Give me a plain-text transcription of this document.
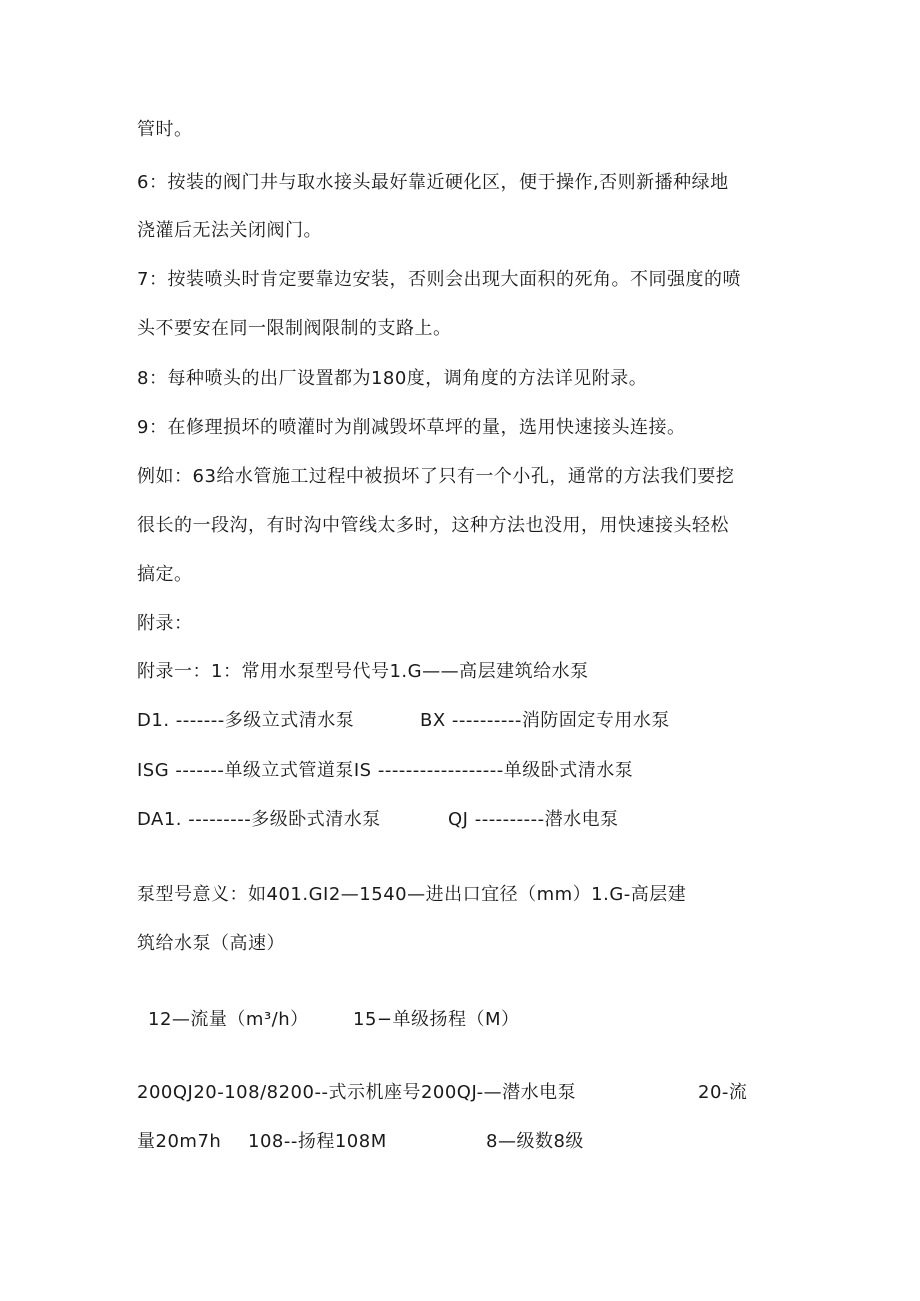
管时。
6：按装的阀门井与取水接头最好靠近硬化区，便于操作,否则新播种绿地
浇灌后无法关闭阀门。
7：按装喷头时肯定要靠边安装，否则会出现大面积的死角。不同强度的喷
头不要安在同一限制阀限制的支路上。
8：每种喷头的出厂设置都为180度，调角度的方法详见附录。
9：在修理损坏的喷灌时为削减毁坏草坪的量，选用快速接头连接。
例如：63给水管施工过程中被损坏了只有一个小孔，通常的方法我们要挖
很长的一段沟，有时沟中管线太多时，这种方法也没用，用快速接头轻松
搞定。
附录：
附录一：1：常用水泵型号代号1.G——高层建筑给水泵
D1. -------多级立式清水泵	BX ----------消防固定专用水泵
ISG -------单级立式管道泵IS ------------------单级卧式清水泵
DA1. ---------多级卧式清水泵	QJ ----------潜水电泵
泵型号意义：如401.GI2—1540—进出口宜径（mm）1.G-高层建
筑给水泵（高速）
12—流量（m³/h） 15−单级扬程（M）
200QJ20-108/8200--式示机座号200QJ-—潜水电泵	20-流
量20m7h 108--扬程108M	8—级数8级
